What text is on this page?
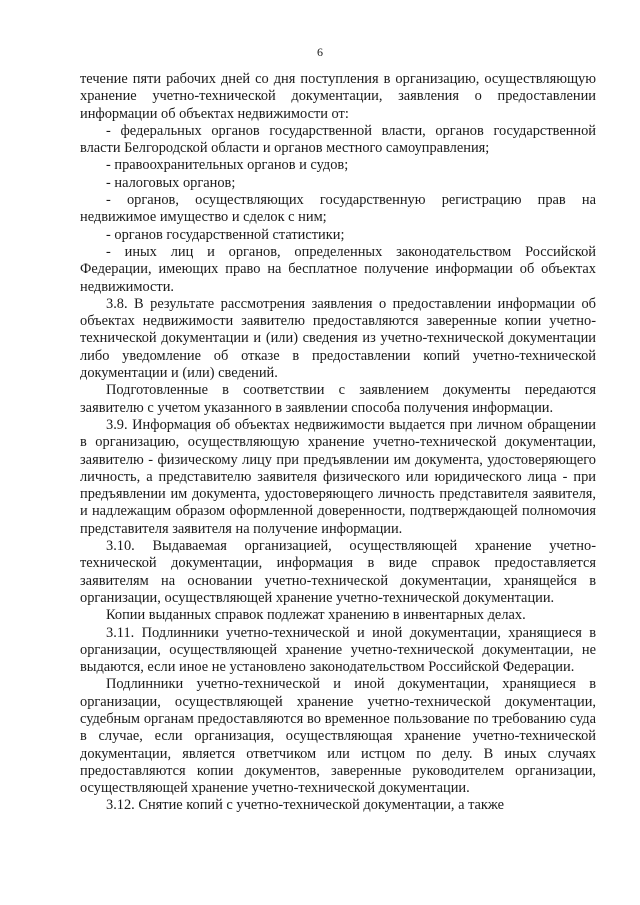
6

течение пяти рабочих дней со дня поступления в организацию, осуществляющую хранение учетно-технической документации, заявления о предоставлении информации об объектах недвижимости от:

- федеральных органов государственной власти, органов государственной власти Белгородской области и органов местного самоуправления;

- правоохранительных органов и судов;

- налоговых органов;

- органов, осуществляющих государственную регистрацию прав на недвижимое имущество и сделок с ним;

- органов государственной статистики;

- иных лиц и органов, определенных законодательством Российской Федерации, имеющих право на бесплатное получение информации об объектах недвижимости.

3.8. В результате рассмотрения заявления о предоставлении информации об объектах недвижимости заявителю предоставляются заверенные копии учетно-технической документации и (или) сведения из учетно-технической документации либо уведомление об отказе в предоставлении копий учетно-технической документации и (или) сведений.

Подготовленные в соответствии с заявлением документы передаются заявителю с учетом указанного в заявлении способа получения информации.

3.9. Информация об объектах недвижимости выдается при личном обращении в организацию, осуществляющую хранение учетно-технической документации, заявителю - физическому лицу при предъявлении им документа, удостоверяющего личность, а представителю заявителя физического или юридического лица - при предъявлении им документа, удостоверяющего личность представителя заявителя, и надлежащим образом оформленной доверенности, подтверждающей полномочия представителя заявителя на получение информации.

3.10. Выдаваемая организацией, осуществляющей хранение учетно-технической документации, информация в виде справок предоставляется заявителям на основании учетно-технической документации, хранящейся в организации, осуществляющей хранение учетно-технической документации.

Копии выданных справок подлежат хранению в инвентарных делах.

3.11. Подлинники учетно-технической и иной документации, хранящиеся в организации, осуществляющей хранение учетно-технической документации, не выдаются, если иное не установлено законодательством Российской Федерации.

Подлинники учетно-технической и иной документации, хранящиеся в организации, осуществляющей хранение учетно-технической документации, судебным органам предоставляются во временное пользование по требованию суда в случае, если организация, осуществляющая хранение учетно-технической документации, является ответчиком или истцом по делу. В иных случаях предоставляются копии документов, заверенные руководителем организации, осуществляющей хранение учетно-технической документации.

3.12. Снятие копий с учетно-технической документации, а также
